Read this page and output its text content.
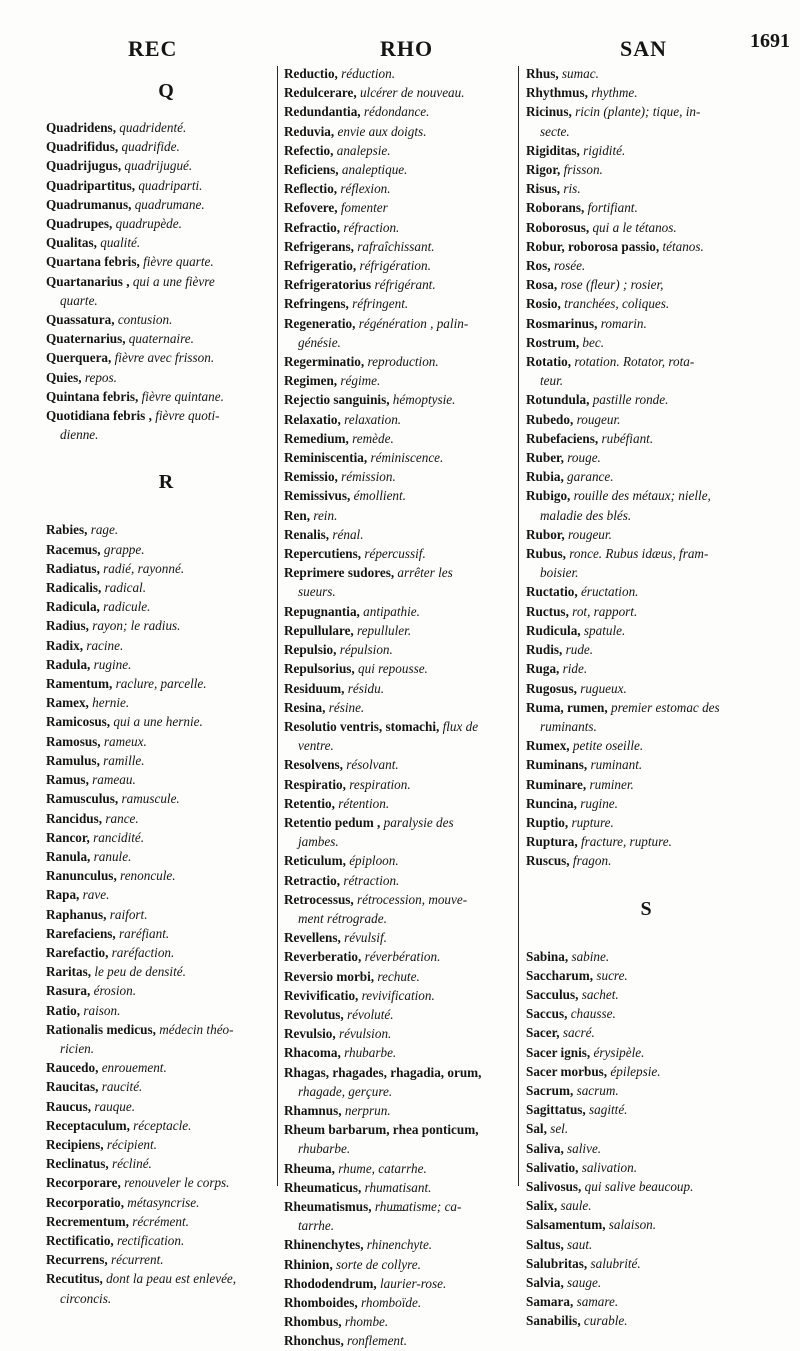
REC	RHO	SAN	1691
Q
Quadridens, quadridenté.
Quadrifidus, quadrifide.
Quadrijugus, quadrijugué.
Quadripartitus, quadriparti.
Quadrumanus, quadrumane.
Quadrupes, quadrupède.
Qualitas, qualité.
Quartana febris, fièvre quarte.
Quartanarius , qui a une fièvre
quarte.
Quassatura, contusion.
Quaternarius, quaternaire.
Querquera, fièvre avec frisson.
Quies, repos.
Quintana febris, fièvre quintane.
Quotidiana febris , fièvre quoti-
dienne.
R
Rabies, rage.
Racemus, grappe.
Radiatus, radié, rayonné.
Radicalis, radical.
Radicula, radicule.
Radius, rayon; le radius.
Radix, racine.
Radula, rugine.
Ramentum, raclure, parcelle.
Ramex, hernie.
Ramicosus, qui a une hernie.
Ramosus, rameux.
Ramulus, ramille.
Ramus, rameau.
Ramusculus, ramuscule.
Rancidus, rance.
Rancor, rancidité.
Ranula, ranule.
Ranunculus, renoncule.
Rapa, rave.
Raphanus, raifort.
Rarefaciens, raréfiant.
Rarefactio, raréfaction.
Raritas, le peu de densité.
Rasura, érosion.
Ratio, raison.
Rationalis medicus, médecin théo-
ricien.
Raucedo, enrouement.
Raucitas, raucité.
Raucus, rauque.
Receptaculum, réceptacle.
Recipiens, récipient.
Reclinatus, récliné.
Recorporare, renouveler le corps.
Recorporatio, métasyncrise.
Recrementum, récrément.
Rectificatio, rectification.
Recurrens, récurrent.
Recutitus, dont la peau est enlevée,
circoncis.
Reductio, réduction.
Redulcerare, ulcérer de nouveau.
Redundantia, rédondance.
Reduvia, envie aux doigts.
Refectio, analepsie.
Reficiens, analeptique.
Reflectio, réflexion.
Refovere, fomenter
Refractio, réfraction.
Refrigerans, rafraîchissant.
Refrigeratio, réfrigération.
Refrigeratorius réfrigérant.
Refringens, réfringent.
Regeneratio, régénération , palin-
génésie.
Regerminatio, reproduction.
Regimen, régime.
Rejectio sanguinis, hémoptysie.
Relaxatio, relaxation.
Remedium, remède.
Reminiscentia, réminiscence.
Remissio, rémission.
Remissivus, émollient.
Ren, rein.
Renalis, rénal.
Repercutiens, répercussif.
Reprimere sudores, arrêter les
sueurs.
Repugnantia, antipathie.
Repullulare, repulluler.
Repulsio, répulsion.
Repulsorius, qui repousse.
Residuum, résidu.
Resina, résine.
Resolutio ventris, stomachi, flux de
ventre.
Resolvens, résolvant.
Respiratio, respiration.
Retentio, rétention.
Retentio pedum , paralysie des
jambes.
Reticulum, épiploon.
Retractio, rétraction.
Retrocessus, rétrocession, mouve-
ment rétrograde.
Revellens, révulsif.
Reverberatio, réverbération.
Reversio morbi, rechute.
Revivificatio, revivification.
Revolutus, révoluté.
Revulsio, révulsion.
Rhacoma, rhubarbe.
Rhagas, rhagades, rhagadia, orum,
rhagade, gerçure.
Rhamnus, nerprun.
Rheum barbarum, rhea ponticum,
rhubarbe.
Rheuma, rhume, catarrhe.
Rheumaticus, rhumatisant.
Rheumatismus, rhumatisme; ca-
tarrhe.
Rhinenchytes, rhinenchyte.
Rhinion, sorte de collyre.
Rhododendrum, laurier-rose.
Rhomboides, rhomboïde.
Rhombus, rhombe.
Rhonchus, ronflement.
Rhus, sumac.
Rhythmus, rhythme.
Ricinus, ricin (plante); tique, in-
secte.
Rigiditas, rigidité.
Rigor, frisson.
Risus, ris.
Roborans, fortifiant.
Roborosus, qui a le tétanos.
Robur, roborosa passio, tétanos.
Ros, rosée.
Rosa, rose (fleur) ; rosier,
Rosio, tranchées, coliques.
Rosmarinus, romarin.
Rostrum, bec.
Rotatio, rotation. Rotator, rota-
teur.
Rotundula, pastille ronde.
Rubedo, rougeur.
Rubefaciens, rubéfiant.
Ruber, rouge.
Rubia, garance.
Rubigo, rouille des métaux; nielle,
maladie des blés.
Rubor, rougeur.
Rubus, ronce. Rubus idæus, fram-
boisier.
Ructatio, éructation.
Ructus, rot, rapport.
Rudicula, spatule.
Rudis, rude.
Ruga, ride.
Rugosus, rugueux.
Ruma, rumen, premier estomac des
ruminants.
Rumex, petite oseille.
Ruminans, ruminant.
Ruminare, ruminer.
Runcina, rugine.
Ruptio, rupture.
Ruptura, fracture, rupture.
Ruscus, fragon.
S
Sabina, sabine.
Saccharum, sucre.
Sacculus, sachet.
Saccus, chausse.
Sacer, sacré.
Sacer ignis, érysipèle.
Sacer morbus, épilepsie.
Sacrum, sacrum.
Sagittatus, sagitté.
Sal, sel.
Saliva, salive.
Salivatio, salivation.
Salivosus, qui salive beaucoup.
Salix, saule.
Salsamentum, salaison.
Saltus, saut.
Salubritas, salubrité.
Salvia, sauge.
Samara, samare.
Sanabilis, curable.
